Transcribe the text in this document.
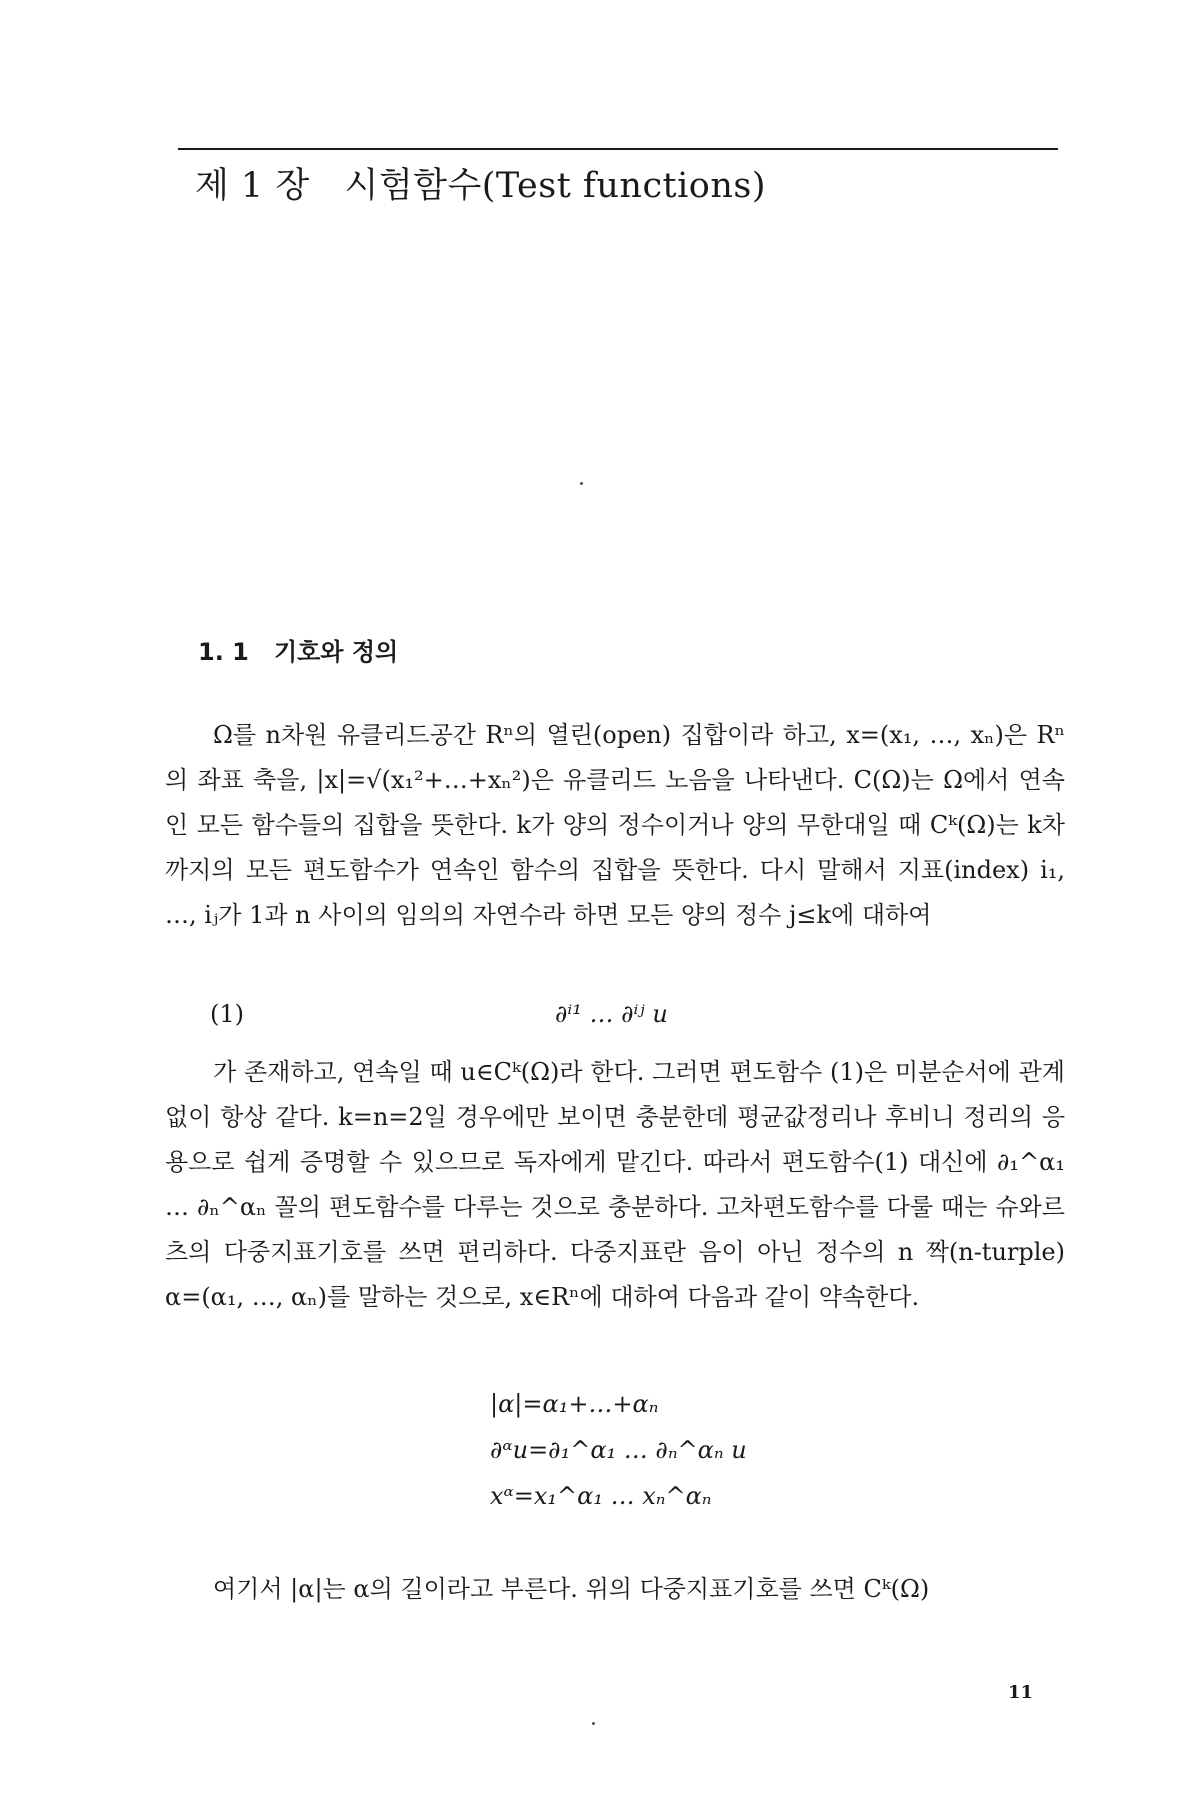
제 1 장   시험함수(Test functions)
1. 1   기호와 정의

Ω를 n차원 유클리드공간 Rⁿ의 열린(open) 집합이라 하고, x=(x₁, …, xₙ)은 Rⁿ의 좌표 축을, |x|=√(x₁²+…+xₙ²)은 유클리드 노음을 나타낸다. C(Ω)는 Ω에서 연속인 모든 함수들의 집합을 뜻한다. k가 양의 정수이거나 양의 무한대일 때 Cᵏ(Ω)는 k차까지의 모든 편도함수가 연속인 함수의 집합을 뜻한다. 다시 말해서 지표(index) i₁, …, iⱼ가 1과 n 사이의 임의의 자연수라 하면 모든 양의 정수 j≤k에 대하여

(1)	∂ⁱ¹ … ∂ⁱʲ u

가 존재하고, 연속일 때 u∈Cᵏ(Ω)라 한다. 그러면 편도함수 (1)은 미분순서에 관계 없이 항상 같다. k=n=2일 경우에만 보이면 충분한데 평균값정리나 후비니 정리의 응용으로 쉽게 증명할 수 있으므로 독자에게 맡긴다. 따라서 편도함수(1) 대신에 ∂₁^α₁ … ∂ₙ^αₙ 꼴의 편도함수를 다루는 것으로 충분하다. 고차편도함수를 다룰 때는 슈와르츠의 다중지표기호를 쓰면 편리하다. 다중지표란 음이 아닌 정수의 n 짝(n-turple) α=(α₁, …, αₙ)를 말하는 것으로, x∈Rⁿ에 대하여 다음과 같이 약속한다.

|α|=α₁+…+αₙ
∂ᵅu=∂₁^α₁ … ∂ₙ^αₙ u
xᵅ=x₁^α₁ … xₙ^αₙ

여기서 |α|는 α의 길이라고 부른다. 위의 다중지표기호를 쓰면 Cᵏ(Ω)

11
